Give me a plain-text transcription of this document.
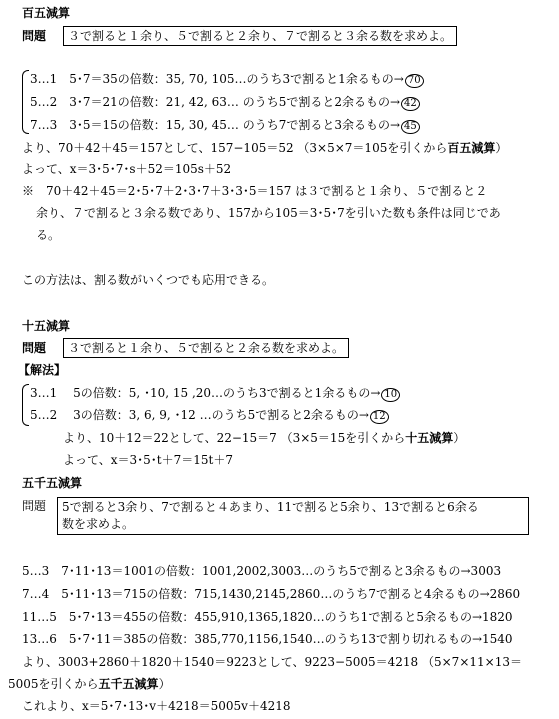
百五減算
問題	３で割ると１余り、５で割ると２余り、７で割ると３余る数を求めよ。
3…1　5･7＝35の倍数：35, 70, 105…のうち3で割ると1余るもの→ 70
5…2　3･7＝21の倍数：21, 42, 63… のうち5で割ると2余るもの→ 42
7…3　3･5＝15の倍数：15, 30, 45… のうち7で割ると3余るもの→ 45
より、70＋42＋45＝157として、157−105＝52 （3×5×7＝105を引くから百五減算）
よって、x＝3･5･7･s＋52＝105s＋52
※　70＋42＋45＝2･5･7＋2･3･7＋3･3･5＝157 は３で割ると１余り、５で割ると２
余り、７で割ると３余る数であり、157から105＝3･5･7を引いた数も条件は同じであ
る。
この方法は、割る数がいくつでも応用できる。
十五減算
問題	３で割ると１余り、５で割ると２余る数を求めよ。
【解法】
3…1　 5の倍数：5, ･10, 15 ,20…のうち3で割ると1余るもの→ 10
5…2　 3の倍数：3, 6, 9, ･12 …のうち5で割ると2余るもの→ 12
より、10＋12＝22として、22−15＝7 （3×5＝15を引くから十五減算）
よって、x＝3･5･t＋7＝15t＋7
五千五減算
問題 5で割ると3余り、7で割ると４あまり、11で割ると5余り、13で割ると6余る
数を求めよ。
5…3　7･11･13＝1001の倍数：1001,2002,3003…のうち5で割ると3余るもの→3003
7…4　5･11･13＝715の倍数：715,1430,2145,2860…のうち7で割ると4余るもの→2860
11…5　5･7･13＝455の倍数：455,910,1365,1820…のうち1で割ると5余るもの→1820
13…6　5･7･11＝385の倍数：385,770,1156,1540…のうち13で割り切れるもの→1540
より、3003+2860＋1820＋1540＝9223として、9223−5005＝4218 （5×7×11×13＝
5005を引くから五千五減算）
これより、x＝5･7･13･v＋4218＝5005v＋4218
